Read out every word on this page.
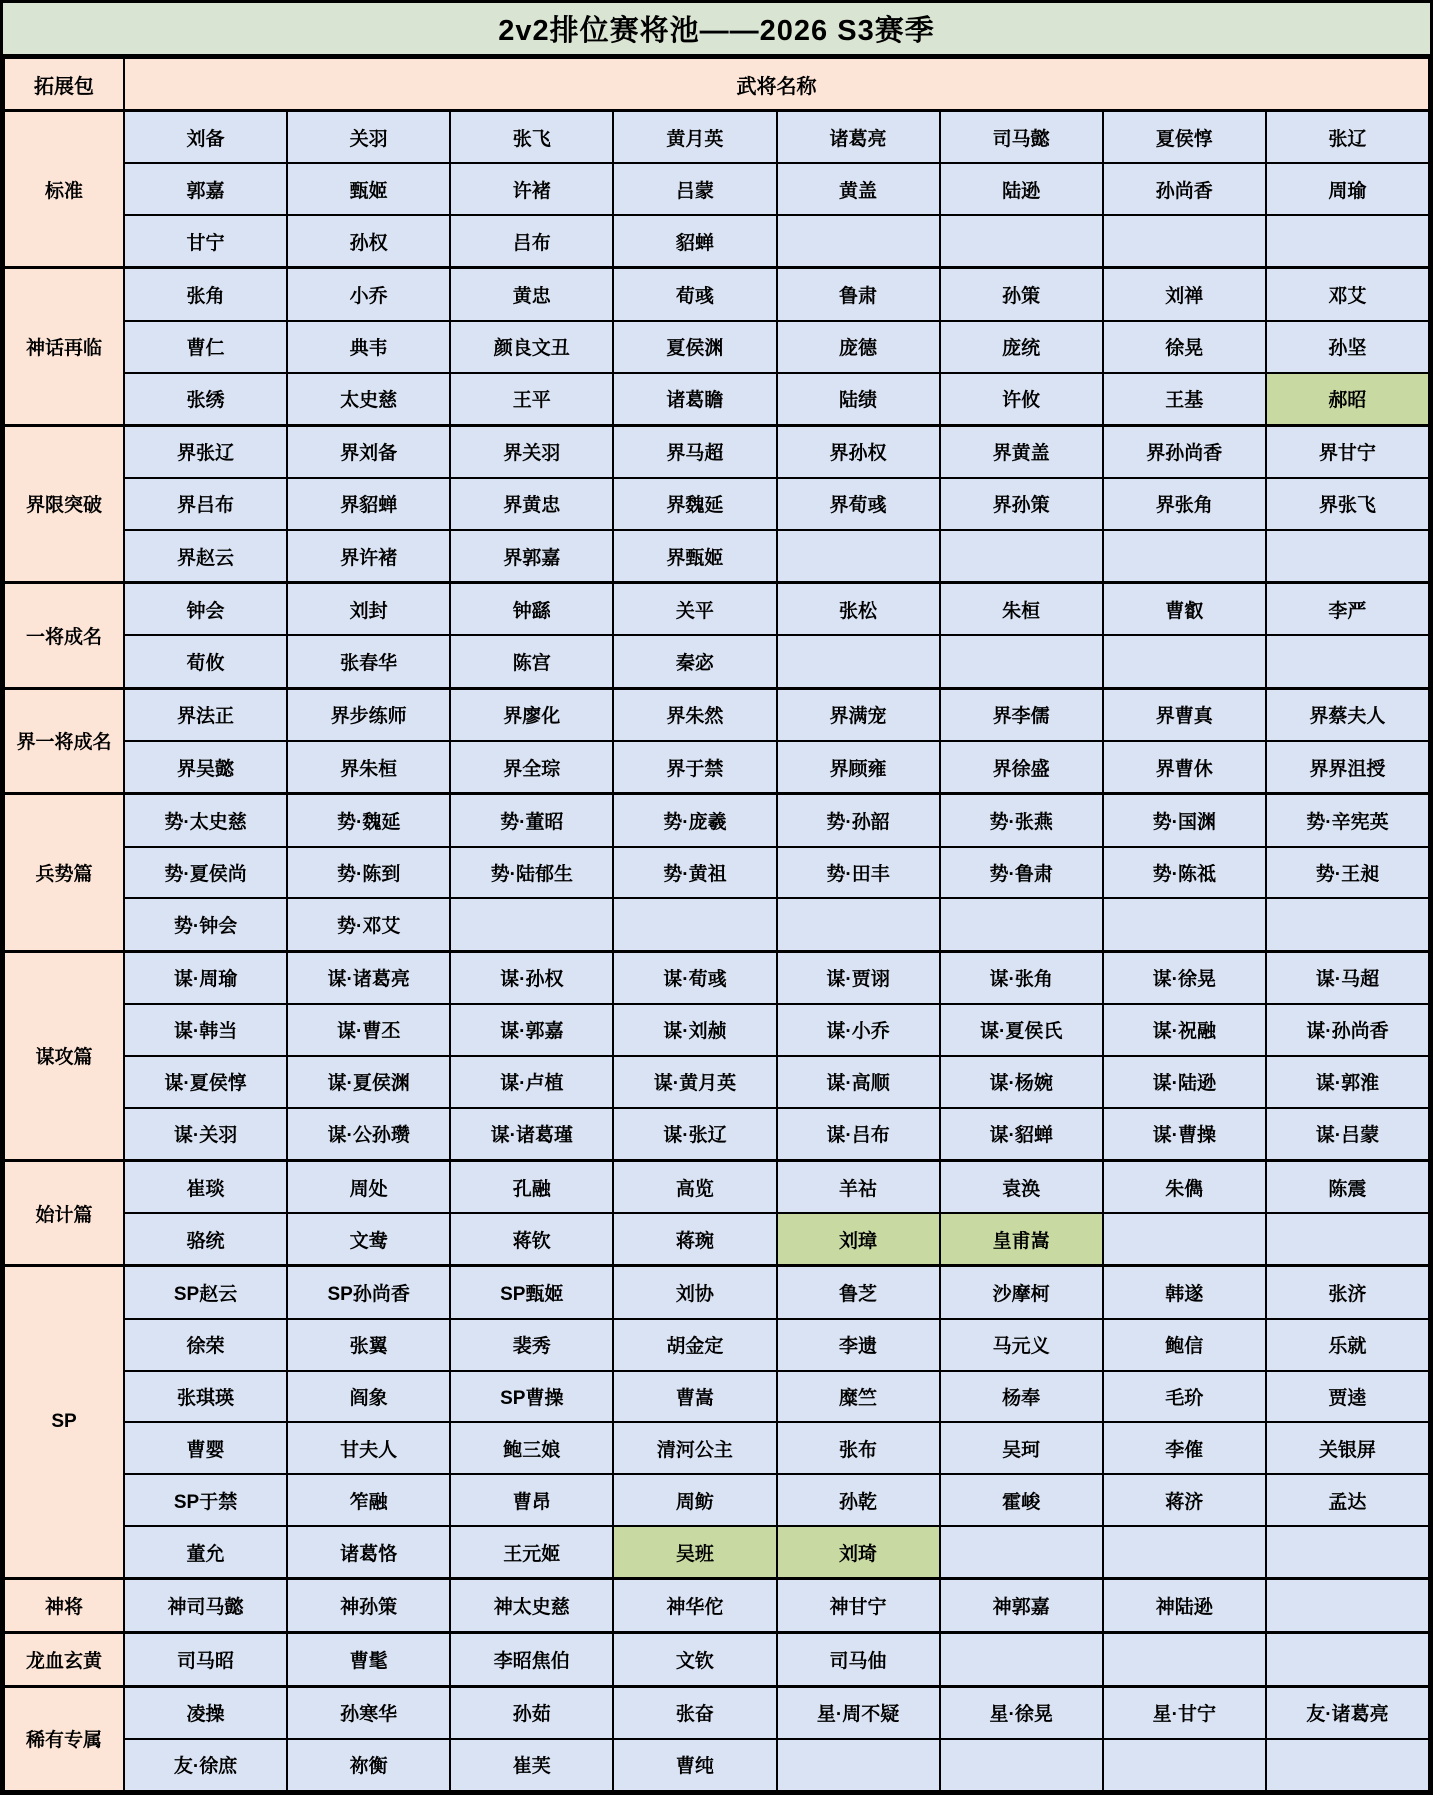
2v2排位赛将池——2026 S3赛季
拓展包	武将名称							
标准	刘备	关羽	张飞	黄月英	诸葛亮	司马懿	夏侯惇	张辽
	郭嘉	甄姬	许褚	吕蒙	黄盖	陆逊	孙尚香	周瑜
	甘宁	孙权	吕布	貂蝉				
神话再临	张角	小乔	黄忠	荀彧	鲁肃	孙策	刘禅	邓艾
	曹仁	典韦	颜良文丑	夏侯渊	庞德	庞统	徐晃	孙坚
	张绣	太史慈	王平	诸葛瞻	陆绩	许攸	王基	郝昭
界限突破	界张辽	界刘备	界关羽	界马超	界孙权	界黄盖	界孙尚香	界甘宁
	界吕布	界貂蝉	界黄忠	界魏延	界荀彧	界孙策	界张角	界张飞
	界赵云	界许褚	界郭嘉	界甄姬				
一将成名	钟会	刘封	钟繇	关平	张松	朱桓	曹叡	李严
	荀攸	张春华	陈宫	秦宓				
界一将成名	界法正	界步练师	界廖化	界朱然	界满宠	界李儒	界曹真	界蔡夫人
	界吴懿	界朱桓	界全琮	界于禁	界顾雍	界徐盛	界曹休	界界沮授
兵势篇	势·太史慈	势·魏延	势·董昭	势·庞羲	势·孙韶	势·张燕	势·国渊	势·辛宪英
	势·夏侯尚	势·陈到	势·陆郁生	势·黄祖	势·田丰	势·鲁肃	势·陈祗	势·王昶
	势·钟会	势·邓艾						
谋攻篇	谋·周瑜	谋·诸葛亮	谋·孙权	谋·荀彧	谋·贾诩	谋·张角	谋·徐晃	谋·马超
	谋·韩当	谋·曹丕	谋·郭嘉	谋·刘赪	谋·小乔	谋·夏侯氏	谋·祝融	谋·孙尚香
	谋·夏侯惇	谋·夏侯渊	谋·卢植	谋·黄月英	谋·高顺	谋·杨婉	谋·陆逊	谋·郭淮
	谋·关羽	谋·公孙瓒	谋·诸葛瑾	谋·张辽	谋·吕布	谋·貂蝉	谋·曹操	谋·吕蒙
始计篇	崔琰	周处	孔融	高览	羊祜	袁涣	朱儁	陈震
	骆统	文鸯	蒋钦	蒋琬	刘璋	皇甫嵩		
SP	SP赵云	SP孙尚香	SP甄姬	刘协	鲁芝	沙摩柯	韩遂	张济
	徐荣	张翼	裴秀	胡金定	李遗	马元义	鲍信	乐就
	张琪瑛	阎象	SP曹操	曹嵩	糜竺	杨奉	毛玠	贾逵
	曹婴	甘夫人	鲍三娘	清河公主	张布	吴珂	李傕	关银屏
	SP于禁	笮融	曹昂	周鲂	孙乾	霍峻	蒋济	孟达
	董允	诸葛恪	王元姬	吴班	刘琦			
神将	神司马懿	神孙策	神太史慈	神华佗	神甘宁	神郭嘉	神陆逊	
龙血玄黄	司马昭	曹髦	李昭焦伯	文钦	司马伷			
稀有专属	凌操	孙寒华	孙茹	张奋	星·周不疑	星·徐晃	星·甘宁	友·诸葛亮
	友·徐庶	祢衡	崔芙	曹纯				
